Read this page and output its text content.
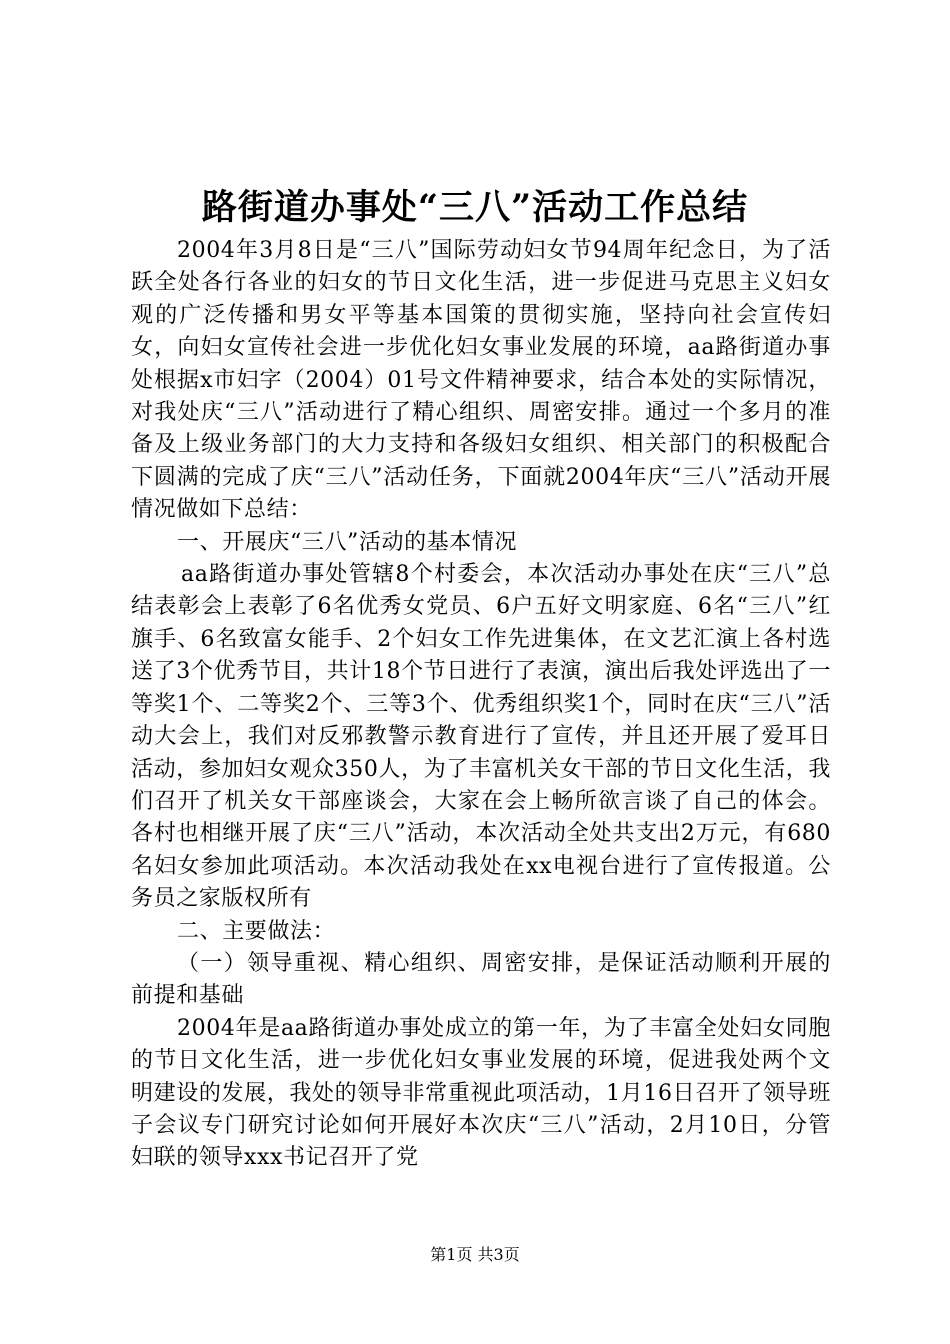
路街道办事处“三八”活动工作总结

2004年3月8日是“三八”国际劳动妇女节94周年纪念日，为了活跃全处各行各业的妇女的节日文化生活，进一步促进马克思主义妇女观的广泛传播和男女平等基本国策的贯彻实施，坚持向社会宣传妇女，向妇女宣传社会进一步优化妇女事业发展的环境，aa路街道办事处根据x市妇字（2004）01号文件精神要求，结合本处的实际情况，对我处庆“三八”活动进行了精心组织、周密安排。通过一个多月的准备及上级业务部门的大力支持和各级妇女组织、相关部门的积极配合下圆满的完成了庆“三八”活动任务，下面就2004年庆“三八”活动开展情况做如下总结：

一、开展庆“三八”活动的基本情况

aa路街道办事处管辖8个村委会，本次活动办事处在庆“三八”总结表彰会上表彰了6名优秀女党员、6户五好文明家庭、6名“三八”红旗手、6名致富女能手、2个妇女工作先进集体，在文艺汇演上各村选送了3个优秀节目，共计18个节日进行了表演，演出后我处评选出了一等奖1个、二等奖2个、三等3个、优秀组织奖1个，同时在庆“三八”活动大会上，我们对反邪教警示教育进行了宣传，并且还开展了爱耳日活动，参加妇女观众350人，为了丰富机关女干部的节日文化生活，我们召开了机关女干部座谈会，大家在会上畅所欲言谈了自己的体会。各村也相继开展了庆“三八”活动，本次活动全处共支出2万元，有680名妇女参加此项活动。本次活动我处在xx电视台进行了宣传报道。公务员之家版权所有

二、主要做法：

（一）领导重视、精心组织、周密安排，是保证活动顺利开展的前提和基础

2004年是aa路街道办事处成立的第一年，为了丰富全处妇女同胞的节日文化生活，进一步优化妇女事业发展的环境，促进我处两个文明建设的发展，我处的领导非常重视此项活动，1月16日召开了领导班子会议专门研究讨论如何开展好本次庆“三八”活动，2月10日，分管妇联的领导xxx书记召开了党

第1页 共3页
